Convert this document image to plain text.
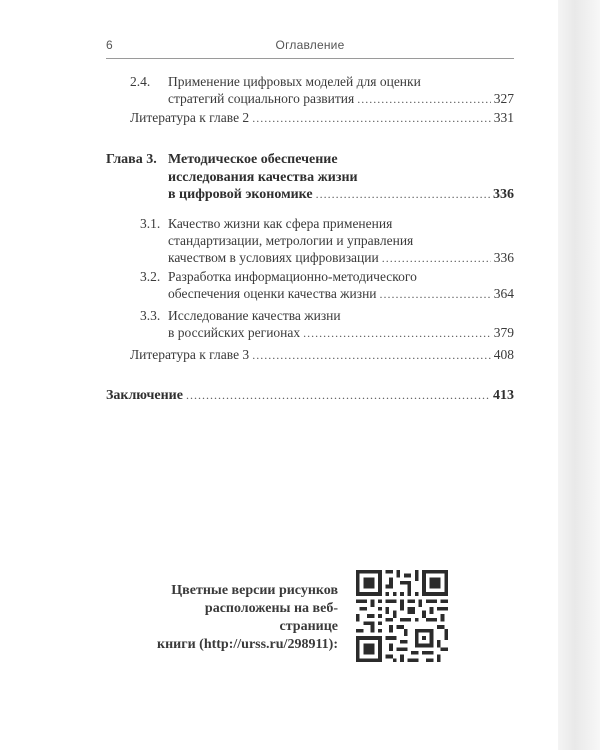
6	Оглавление
2.4. Применение цифровых моделей для оценки
стратегий социального развития .....	327
Литература к главе 2 .....	331
Глава 3. Методическое обеспечение
исследования качества жизни
в цифровой экономике .....	336
3.1. Качество жизни как сфера применения
стандартизации, метрологии и управления
качеством в условиях цифровизации .....	336
3.2. Разработка информационно-методического
обеспечения оценки качества жизни .....	364
3.3. Исследование качества жизни
в российских регионах .....	379
Литература к главе 3 .....	408
Заключение .....	413
Цветные версии рисунков
расположены на веб-странице
книги (http://urss.ru/298911):
